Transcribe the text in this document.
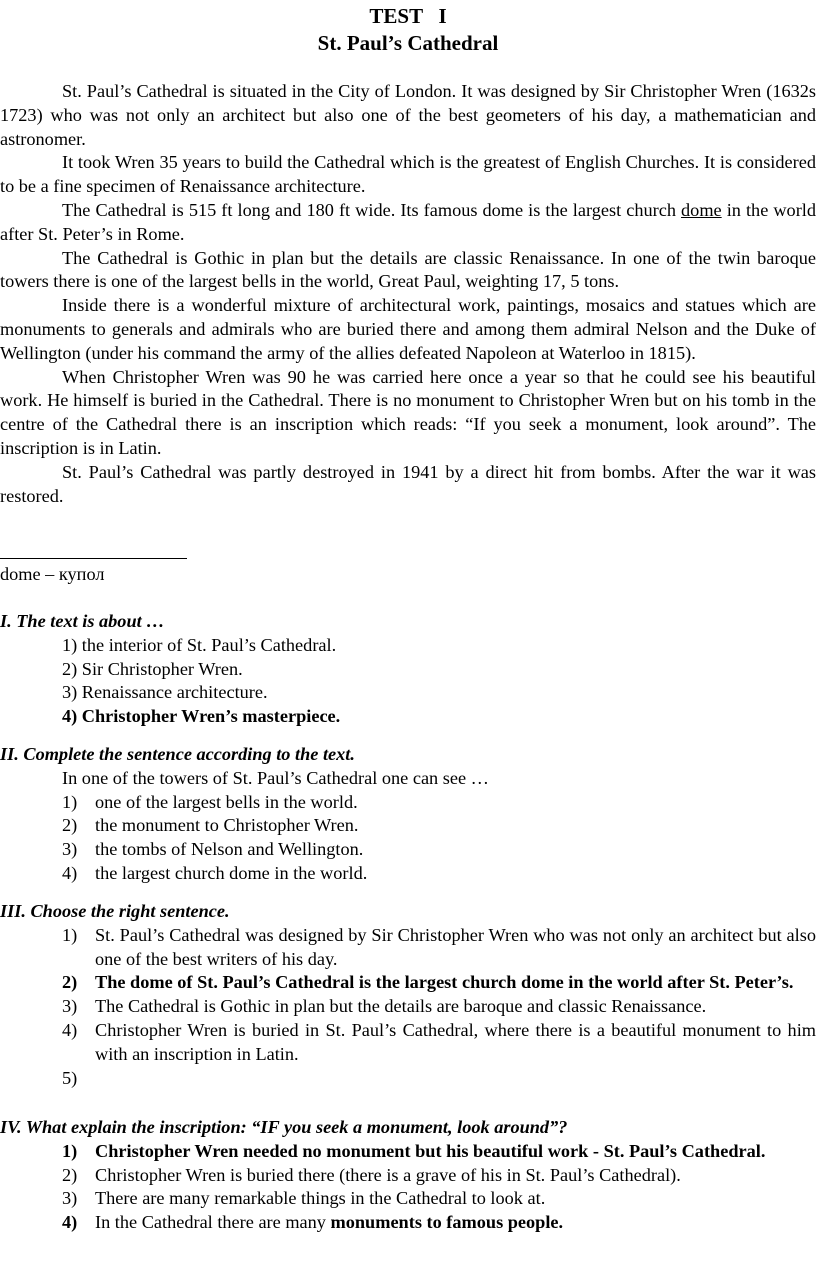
TEST   I
St. Paul’s Cathedral

St. Paul’s Cathedral is situated in the City of London. It was designed by Sir Christopher Wren (1632s 1723) who was not only an architect but also one of the best geometers of his day, a mathematician and astronomer.

It took Wren 35 years to build the Cathedral which is the greatest of English Churches. It is considered to be a fine specimen of Renaissance architecture.

The Cathedral is 515 ft long and 180 ft wide. Its famous dome is the largest church dome in the world after St. Peter’s in Rome.

The Cathedral is Gothic in plan but the details are classic Renaissance. In one of the twin baroque towers there is one of the largest bells in the world, Great Paul, weighting 17, 5 tons.

Inside there is a wonderful mixture of architectural work, paintings, mosaics and statues which are monuments to generals and admirals who are buried there and among them admiral Nelson and the Duke of Wellington (under his command the army of the allies defeated Napoleon at Waterloo in 1815).

When Christopher Wren was 90 he was carried here once a year so that he could see his beautiful work. He himself is buried in the Cathedral. There is no monument to Christopher Wren but on his tomb in the centre of the Cathedral there is an inscription which reads: “If you seek a monument, look around”. The inscription is in Latin.

St. Paul’s Cathedral was partly destroyed in 1941 by a direct hit from bombs. After the war it was restored.

dome – купол

I. The text is about …

1) the interior of St. Paul’s Cathedral.

2) Sir Christopher Wren.

3) Renaissance architecture.

4) Christopher Wren’s masterpiece.

II. Complete the sentence according to the text.

In one of the towers of St. Paul’s Cathedral one can see …

1) one of the largest bells in the world.
2) the monument to Christopher Wren.
3) the tombs of Nelson and Wellington.
4) the largest church dome in the world.

III. Choose the right sentence.

1) St. Paul’s Cathedral was designed by Sir Christopher Wren who was not only an architect but also one of the best writers of his day.
2) The dome of St. Paul’s Cathedral is the largest church dome in the world after St. Peter’s.
3) The Cathedral is Gothic in plan but the details are baroque and classic Renaissance.
4) Christopher Wren is buried in St. Paul’s Cathedral, where there is a beautiful monument to him with an inscription in Latin.
5)

IV. What explain the inscription: “IF you seek a monument, look around”?

1) Christopher Wren needed no monument but his beautiful work - St. Paul’s Cathedral.
2) Christopher Wren is buried there (there is a grave of his in St. Paul’s Cathedral).
3) There are many remarkable things in the Cathedral to look at.
4) In the Cathedral there are many monuments to famous people.
